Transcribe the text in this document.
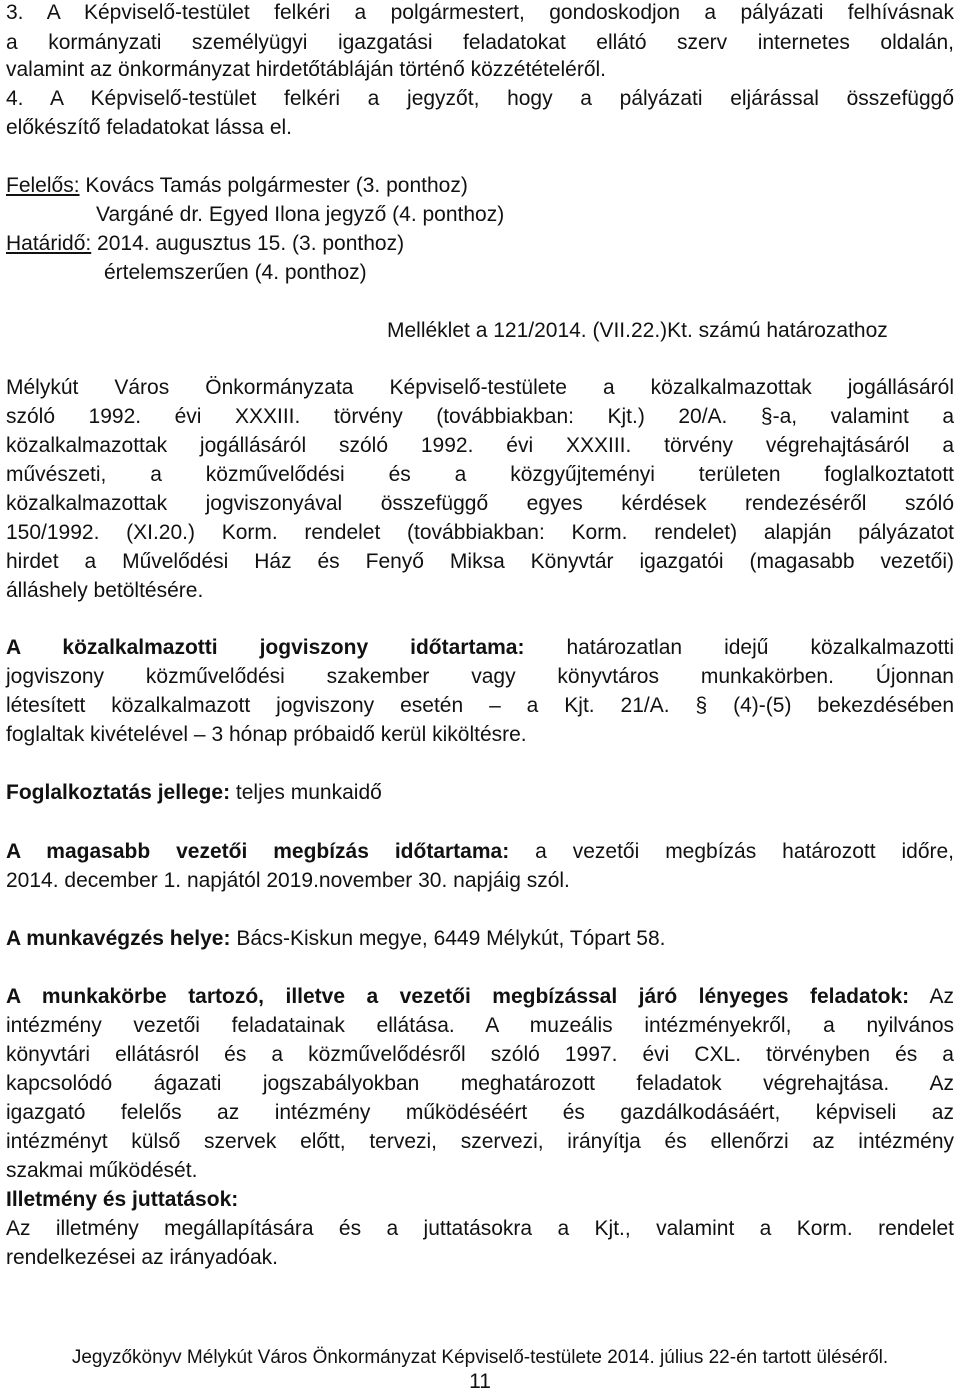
3. A Képviselő-testület felkéri a polgármestert, gondoskodjon a pályázati felhívásnak
a kormányzati személyügyi igazgatási feladatokat ellátó szerv internetes oldalán,
valamint az önkormányzat hirdetőtábláján történő közzétételéről.
4. A Képviselő-testület felkéri a jegyzőt, hogy a pályázati eljárással összefüggő
előkészítő feladatokat lássa el.
Felelős: Kovács Tamás polgármester (3. ponthoz)
Vargáné dr. Egyed Ilona jegyző (4. ponthoz)
Határidő: 2014. augusztus 15. (3. ponthoz)
értelemszerűen (4. ponthoz)
Melléklet a 121/2014. (VII.22.)Kt. számú határozathoz
Mélykút Város Önkormányzata Képviselő-testülete a közalkalmazottak jogállásáról
szóló 1992. évi XXXIII. törvény (továbbiakban: Kjt.) 20/A. §-a, valamint a
közalkalmazottak jogállásáról szóló 1992. évi XXXIII. törvény végrehajtásáról a
művészeti, a közművelődési és a közgyűjteményi területen foglalkoztatott
közalkalmazottak jogviszonyával összefüggő egyes kérdések rendezéséről szóló
150/1992. (XI.20.) Korm. rendelet (továbbiakban: Korm. rendelet) alapján pályázatot
hirdet a Művelődési Ház és Fenyő Miksa Könyvtár igazgatói (magasabb vezetői)
álláshely betöltésére.
A közalkalmazotti jogviszony időtartama: határozatlan idejű közalkalmazotti
jogviszony közművelődési szakember vagy könyvtáros munkakörben. Újonnan
létesített közalkalmazott jogviszony esetén – a Kjt. 21/A. § (4)-(5) bekezdésében
foglaltak kivételével – 3 hónap próbaidő kerül kiköltésre.
Foglalkoztatás jellege: teljes munkaidő
A magasabb vezetői megbízás időtartama: a vezetői megbízás határozott időre,
2014. december 1. napjától 2019.november 30. napjáig szól.
A munkavégzés helye: Bács-Kiskun megye, 6449 Mélykút, Tópart 58.
A munkakörbe tartozó, illetve a vezetői megbízással járó lényeges feladatok: Az
intézmény vezetői feladatainak ellátása. A muzeális intézményekről, a nyilvános
könyvtári ellátásról és a közművelődésről szóló 1997. évi CXL. törvényben és a
kapcsolódó ágazati jogszabályokban meghatározott feladatok végrehajtása. Az
igazgató felelős az intézmény működéséért és gazdálkodásáért, képviseli az
intézményt külső szervek előtt, tervezi, szervezi, irányítja és ellenőrzi az intézmény
szakmai működését.
Illetmény és juttatások:
Az illetmény megállapítására és a juttatásokra a Kjt., valamint a Korm. rendelet
rendelkezései az irányadóak.
Jegyzőkönyv Mélykút Város Önkormányzat Képviselő-testülete 2014. július 22-én tartott üléséről.
11
